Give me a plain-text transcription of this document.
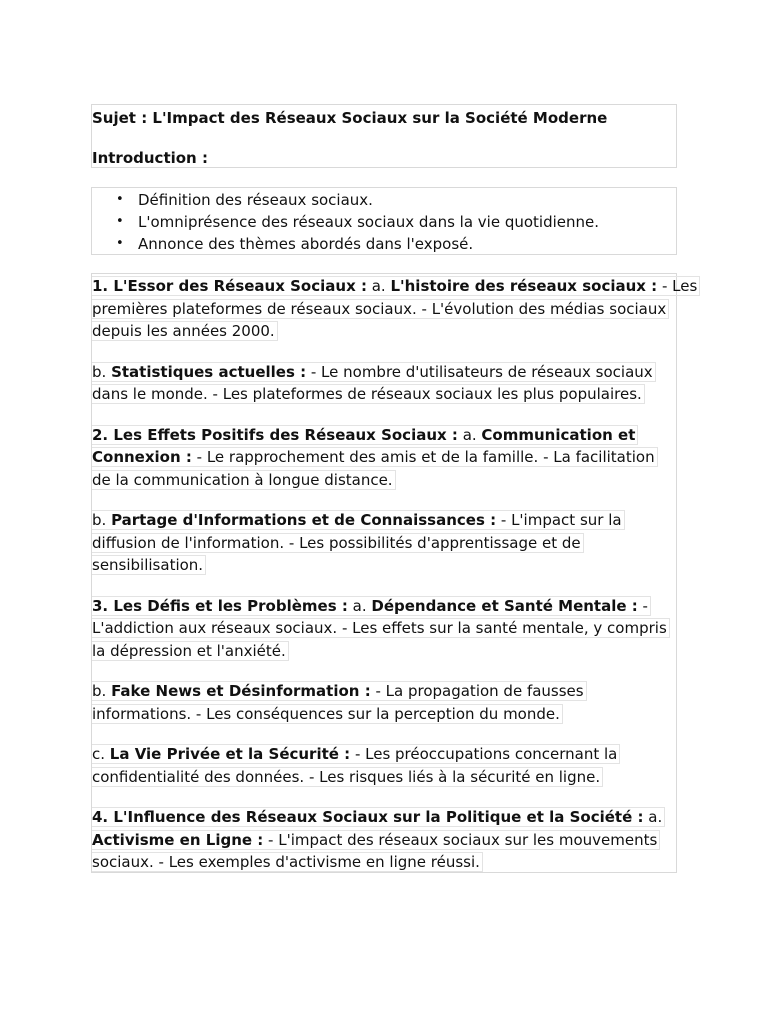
Sujet : L'Impact des Réseaux Sociaux sur la Société Moderne
Introduction :
• Définition des réseaux sociaux.
• L'omniprésence des réseaux sociaux dans la vie quotidienne.
• Annonce des thèmes abordés dans l'exposé.
1. L'Essor des Réseaux Sociaux : a. L'histoire des réseaux sociaux : - Les
premières plateformes de réseaux sociaux. - L'évolution des médias sociaux
depuis les années 2000.
b. Statistiques actuelles : - Le nombre d'utilisateurs de réseaux sociaux
dans le monde. - Les plateformes de réseaux sociaux les plus populaires.
2. Les Effets Positifs des Réseaux Sociaux : a. Communication et
Connexion : - Le rapprochement des amis et de la famille. - La facilitation
de la communication à longue distance.
b. Partage d'Informations et de Connaissances : - L'impact sur la
diffusion de l'information. - Les possibilités d'apprentissage et de
sensibilisation.
3. Les Défis et les Problèmes : a. Dépendance et Santé Mentale : -
L'addiction aux réseaux sociaux. - Les effets sur la santé mentale, y compris
la dépression et l'anxiété.
b. Fake News et Désinformation : - La propagation de fausses
informations. - Les conséquences sur la perception du monde.
c. La Vie Privée et la Sécurité : - Les préoccupations concernant la
confidentialité des données. - Les risques liés à la sécurité en ligne.
4. L'Influence des Réseaux Sociaux sur la Politique et la Société : a.
Activisme en Ligne : - L'impact des réseaux sociaux sur les mouvements
sociaux. - Les exemples d'activisme en ligne réussi.
